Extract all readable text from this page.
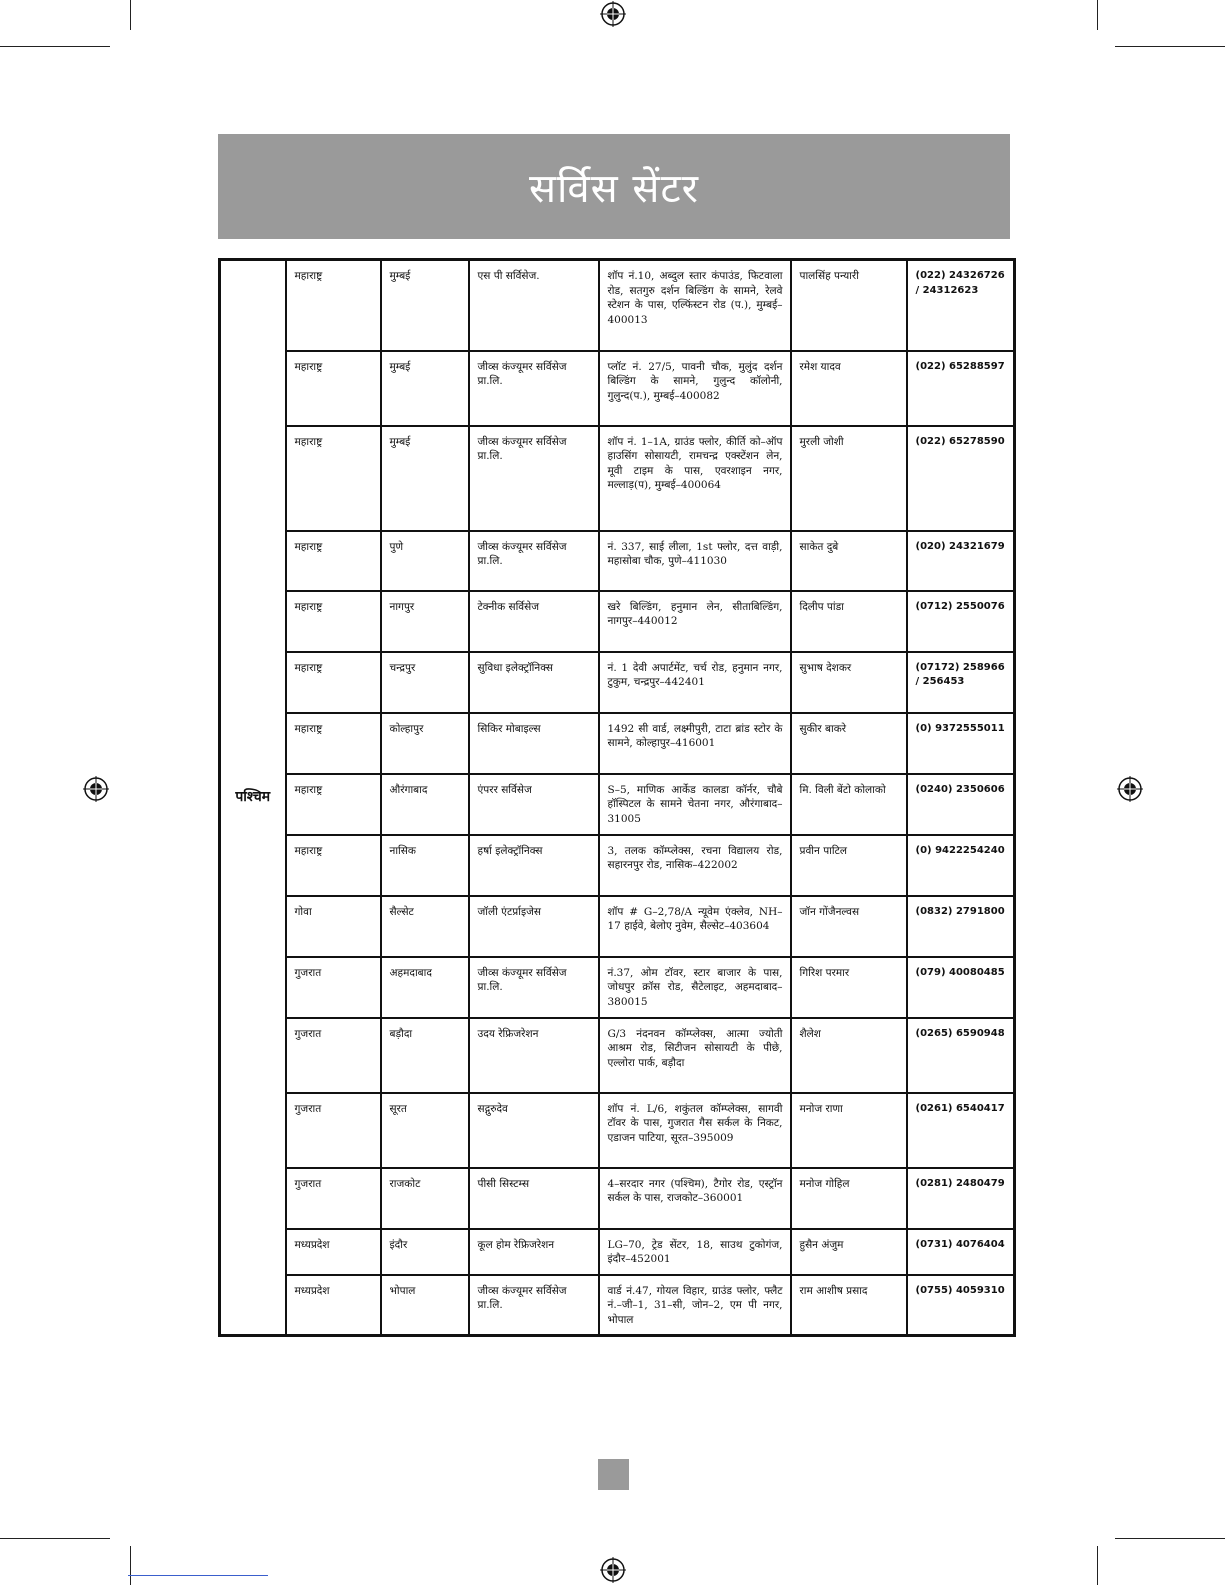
सर्विस सेंटर
पश्चिम	महाराष्ट्र	मुम्बई	एस पी सर्विसेज.	शॉप नं.10, अब्दुल स्तार कंपाउंड, फिटवाला रोड, सतगुरु दर्शन बिल्डिंग के सामने, रेलवे स्टेशन के पास, एल्फिंस्टन रोड (प.), मुम्बई–400013	पालसिंह पन्यारी	(022) 24326726 / 24312623
	महाराष्ट्र	मुम्बई	जीव्स कंज्यूमर सर्विसेज प्रा.लि.	प्लॉट नं. 27/5, पावनी चौक, मुलुंद दर्शन बिल्डिंग के सामने, गुलुन्द कॉलोनी, गुलुन्द(प.), मुम्बई–400082	रमेश यादव	(022) 65288597
	महाराष्ट्र	मुम्बई	जीव्स कंज्यूमर सर्विसेज प्रा.लि.	शॉप नं. 1–1A, ग्राउंड फ्लोर, कीर्ति को–ऑप हाउसिंग सोसायटी, रामचन्द्र एक्स्टेंशन लेन, मूवी टाइम के पास, एवरशाइन नगर, मल्लाड़(प), मुम्बई–400064	मुरली जोशी	(022) 65278590
	महाराष्ट्र	पुणे	जीव्स कंज्यूमर सर्विसेज प्रा.लि.	नं. 337, साई लीला, 1st फ्लोर, दत्त वाड़ी, महासोबा चौक, पुणे–411030	साकेत दुबे	(020) 24321679
	महाराष्ट्र	नागपुर	टेक्नीक सर्विसेज	खरे बिल्डिंग, हनुमान लेन, सीताबिल्डिंग, नागपुर–440012	दिलीप पांडा	(0712) 2550076
	महाराष्ट्र	चन्द्रपुर	सुविधा इलेक्ट्रॉनिक्स	नं. 1 देवी अपार्टमेंट, चर्च रोड, हनुमान नगर, टुकुम, चन्द्रपुर–442401	सुभाष देशकर	(07172) 258966 / 256453
	महाराष्ट्र	कोल्हापुर	सिकिर मोबाइल्स	1492 सी वार्ड, लक्ष्मीपुरी, टाटा ब्रांड स्टोर के सामने, कोल्हापुर–416001	सुकीर बाकरे	(0) 9372555011
	महाराष्ट्र	औरंगाबाद	एंपरर सर्विसेज	S–5, माणिक आर्केड कालडा कॉर्नर, चौबे हॉस्पिटल के सामने चेतना नगर, औरंगाबाद–31005	मि. विली बेंटो कोलाको	(0240) 2350606
	महाराष्ट्र	नासिक	हर्षा इलेक्ट्रॉनिक्स	3, तलक कॉम्प्लेक्स, रचना विद्यालय रोड, सहारनपुर रोड, नासिक–422002	प्रवीन पाटिल	(0) 9422254240
	गोवा	सैल्सेट	जॉली एंटर्प्राइजेस	शॉप # G–2,78/A न्यूवेम एंक्लेव, NH–17 हाईवे, बेलोए नुवेम, सैल्सेट–403604	जॉन गोंजैनल्वस	(0832) 2791800
	गुजरात	अहमदाबाद	जीव्स कंज्यूमर सर्विसेज प्रा.लि.	नं.37, ओम टॉवर, स्टार बाजार के पास, जोधपुर क्रॉस रोड, सैटेलाइट, अहमदाबाद–380015	गिरिश परमार	(079) 40080485
	गुजरात	बड़ौदा	उदय रेफ्रिजरेशन	G/3 नंदनवन कॉम्प्लेक्स, आत्मा ज्योती आश्रम रोड, सिटीजन सोसायटी के पीछे, एल्लोरा पार्क, बड़ौदा	शैलेश	(0265) 6590948
	गुजरात	सूरत	सद्गुरुदेव	शॉप नं. L/6, शकुंतल कॉम्प्लेक्स, सागवी टॉवर के पास, गुजरात गैस सर्कल के निकट, एडाजन पाटिया, सूरत–395009	मनोज राणा	(0261) 6540417
	गुजरात	राजकोट	पीसी सिस्टम्स	4–सरदार नगर (पश्चिम), टैगोर रोड, एस्ट्रॉन सर्कल के पास, राजकोट–360001	मनोज गोहिल	(0281) 2480479
	मध्यप्रदेश	इंदौर	कूल होम रेफ्रिजरेशन	LG–70, ट्रेड सेंटर, 18, साउथ टुकोगंज, इंदौर–452001	हुसैन अंजुम	(0731) 4076404
	मध्यप्रदेश	भोपाल	जीव्स कंज्यूमर सर्विसेज प्रा.लि.	वार्ड नं.47, गोयल विहार, ग्राउंड फ्लोर, फ्लैट नं.–जी–1, 31–सी, जोन–2, एम पी नगर, भोपाल	राम आशीष प्रसाद	(0755) 4059310
